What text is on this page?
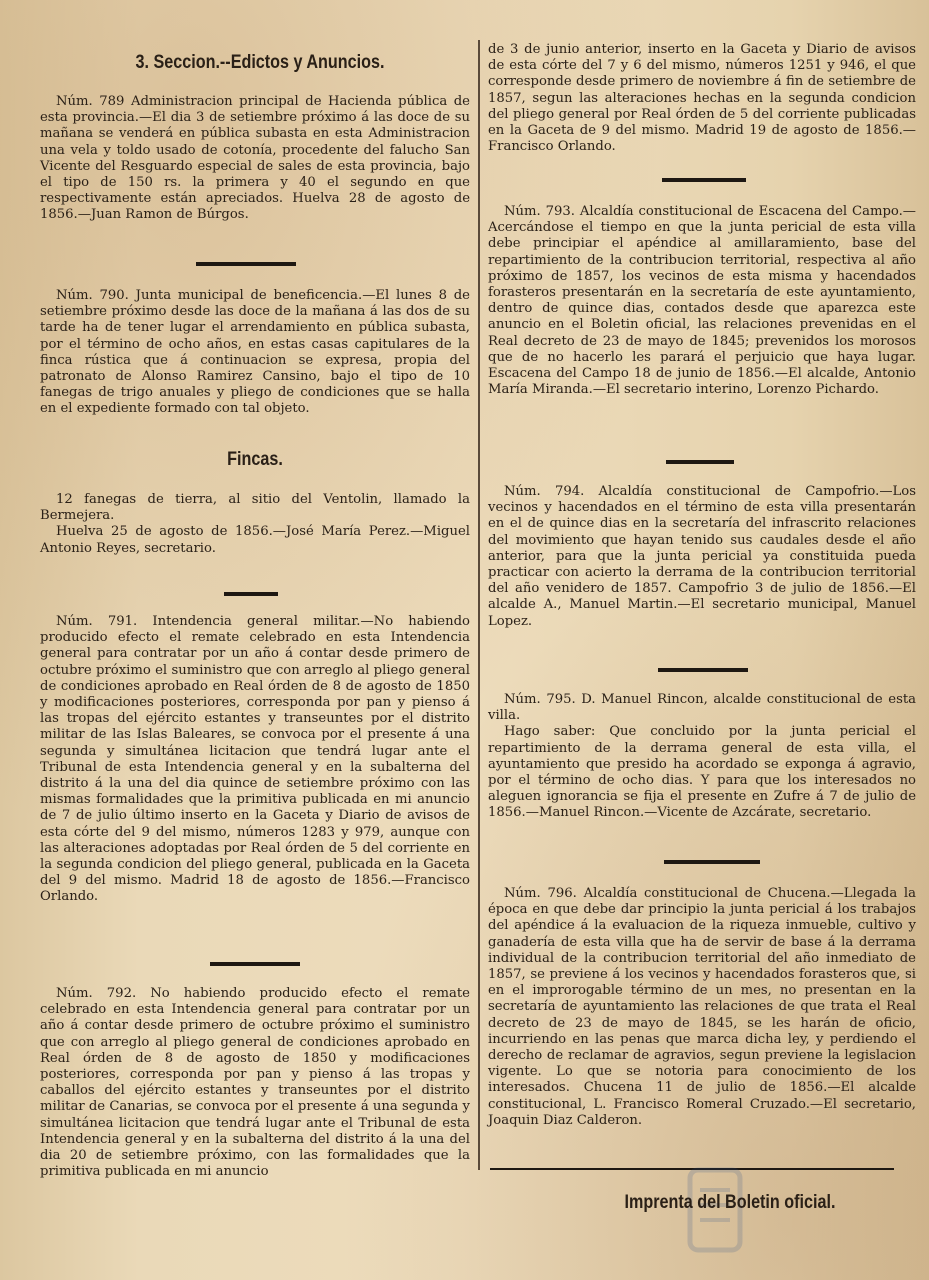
3. Seccion.--Edictos y Anuncios.

Núm. 789 Administracion principal de Hacienda pública de esta provincia.—El dia 3 de setiembre próximo á las doce de su mañana se venderá en pública subasta en esta Administracion una vela y toldo usado de cotonía, procedente del falucho San Vicente del Resguardo especial de sales de esta provincia, bajo el tipo de 150 rs. la primera y 40 el segundo en que respectivamente están apreciados. Huelva 28 de agosto de 1856.—Juan Ramon de Búrgos.

Núm. 790. Junta municipal de beneficencia.—El lunes 8 de setiembre próximo desde las doce de la mañana á las dos de su tarde ha de tener lugar el arrendamiento en pública subasta, por el término de ocho años, en estas casas capitulares de la finca rústica que á continuacion se expresa, propia del patronato de Alonso Ramirez Cansino, bajo el tipo de 10 fanegas de trigo anuales y pliego de condiciones que se halla en el expediente formado con tal objeto.

Fincas.

12 fanegas de tierra, al sitio del Ventolin, llamado la Bermejera.

Huelva 25 de agosto de 1856.—José María Perez.—Miguel Antonio Reyes, secretario.

Núm. 791. Intendencia general militar.—No habiendo producido efecto el remate celebrado en esta Intendencia general para contratar por un año á contar desde primero de octubre próximo el suministro que con arreglo al pliego general de condiciones aprobado en Real órden de 8 de agosto de 1850 y modificaciones posteriores, corresponda por pan y pienso á las tropas del ejército estantes y transeuntes por el distrito militar de las Islas Baleares, se convoca por el presente á una segunda y simultánea licitacion que tendrá lugar ante el Tribunal de esta Intendencia general y en la subalterna del distrito á la una del dia quince de setiembre próximo con las mismas formalidades que la primitiva publicada en mi anuncio de 7 de julio último inserto en la Gaceta y Diario de avisos de esta córte del 9 del mismo, números 1283 y 979, aunque con las alteraciones adoptadas por Real órden de 5 del corriente en la segunda condicion del pliego general, publicada en la Gaceta del 9 del mismo. Madrid 18 de agosto de 1856.—Francisco Orlando.

Núm. 792. No habiendo producido efecto el remate celebrado en esta Intendencia general para contratar por un año á contar desde primero de octubre próximo el suministro que con arreglo al pliego general de condiciones aprobado en Real órden de 8 de agosto de 1850 y modificaciones posteriores, corresponda por pan y pienso á las tropas y caballos del ejército estantes y transeuntes por el distrito militar de Canarias, se convoca por el presente á una segunda y simultánea licitacion que tendrá lugar ante el Tribunal de esta Intendencia general y en la subalterna del distrito á la una del dia 20 de setiembre próximo, con las formalidades que la primitiva publicada en mi anuncio

de 3 de junio anterior, inserto en la Gaceta y Diario de avisos de esta córte del 7 y 6 del mismo, números 1251 y 946, el que corresponde desde primero de noviembre á fin de setiembre de 1857, segun las alteraciones hechas en la segunda condicion del pliego general por Real órden de 5 del corriente publicadas en la Gaceta de 9 del mismo. Madrid 19 de agosto de 1856.—Francisco Orlando.

Núm. 793. Alcaldía constitucional de Escacena del Campo.—Acercándose el tiempo en que la junta pericial de esta villa debe principiar el apéndice al amillaramiento, base del repartimiento de la contribucion territorial, respectiva al año próximo de 1857, los vecinos de esta misma y hacendados forasteros presentarán en la secretaría de este ayuntamiento, dentro de quince dias, contados desde que aparezca este anuncio en el Boletin oficial, las relaciones prevenidas en el Real decreto de 23 de mayo de 1845; prevenidos los morosos que de no hacerlo les parará el perjuicio que haya lugar. Escacena del Campo 18 de junio de 1856.—El alcalde, Antonio María Miranda.—El secretario interino, Lorenzo Pichardo.

Núm. 794. Alcaldía constitucional de Campofrio.—Los vecinos y hacendados en el término de esta villa presentarán en el de quince dias en la secretaría del infrascrito relaciones del movimiento que hayan tenido sus caudales desde el año anterior, para que la junta pericial ya constituida pueda practicar con acierto la derrama de la contribucion territorial del año venidero de 1857. Campofrio 3 de julio de 1856.—El alcalde A., Manuel Martin.—El secretario municipal, Manuel Lopez.

Núm. 795. D. Manuel Rincon, alcalde constitucional de esta villa.

Hago saber: Que concluido por la junta pericial el repartimiento de la derrama general de esta villa, el ayuntamiento que presido ha acordado se exponga á agravio, por el término de ocho dias. Y para que los interesados no aleguen ignorancia se fija el presente en Zufre á 7 de julio de 1856.—Manuel Rincon.—Vicente de Azcárate, secretario.

Núm. 796. Alcaldía constitucional de Chucena.—Llegada la época en que debe dar principio la junta pericial á los trabajos del apéndice á la evaluacion de la riqueza inmueble, cultivo y ganadería de esta villa que ha de servir de base á la derrama individual de la contribucion territorial del año inmediato de 1857, se previene á los vecinos y hacendados forasteros que, si en el improrogable término de un mes, no presentan en la secretaría de ayuntamiento las relaciones de que trata el Real decreto de 23 de mayo de 1845, se les harán de oficio, incurriendo en las penas que marca dicha ley, y perdiendo el derecho de reclamar de agravios, segun previene la legislacion vigente. Lo que se notoria para conocimiento de los interesados. Chucena 11 de julio de 1856.—El alcalde constitucional, L. Francisco Romeral Cruzado.—El secretario, Joaquin Diaz Calderon.

Imprenta del Boletin oficial.
